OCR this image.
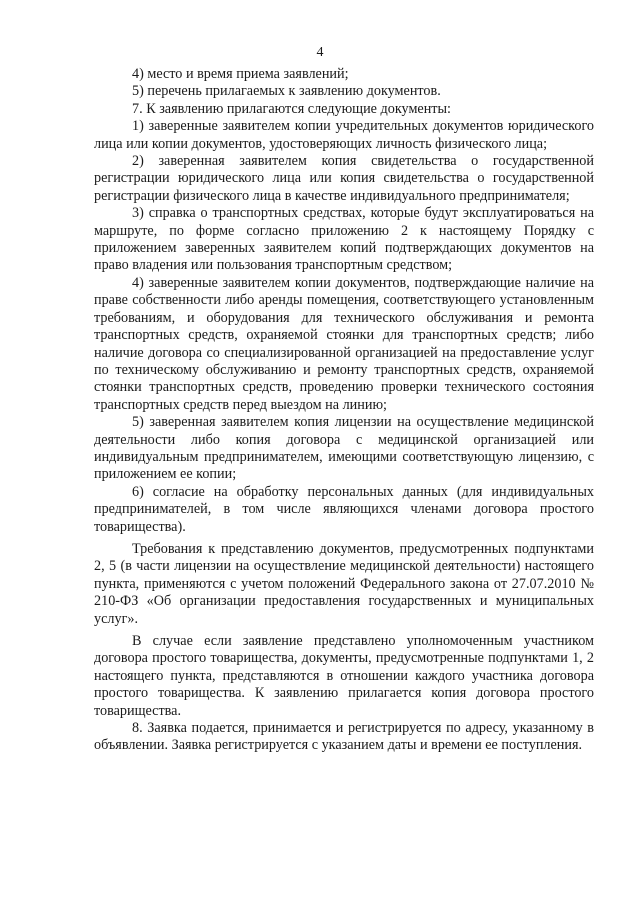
4

4) место и время приема заявлений;

5) перечень прилагаемых к заявлению документов.

7. К заявлению прилагаются следующие документы:

1) заверенные заявителем копии учредительных документов юридического лица или копии документов, удостоверяющих личность физического лица;

2) заверенная заявителем копия свидетельства о государственной регистрации юридического лица или копия свидетельства о государственной регистрации физического лица в качестве индивидуального предпринимателя;

3) справка о транспортных средствах, которые будут эксплуатироваться на маршруте, по форме согласно приложению 2 к настоящему Порядку с приложением заверенных заявителем копий подтверждающих документов на право владения или пользования транспортным средством;

4) заверенные заявителем копии документов, подтверждающие наличие на праве собственности либо аренды помещения, соответствующего установленным требованиям, и оборудования для технического обслуживания и ремонта транспортных средств, охраняемой стоянки для транспортных средств; либо наличие договора со специализированной организацией на предоставление услуг по техническому обслуживанию и ремонту транспортных средств, охраняемой стоянки транспортных средств, проведению проверки технического состояния транспортных средств перед выездом на линию;

5) заверенная заявителем копия лицензии на осуществление медицинской деятельности либо копия договора с медицинской организацией или индивидуальным предпринимателем, имеющими соответствующую лицензию, с приложением ее копии;

6) согласие на обработку персональных данных (для индивидуальных предпринимателей, в том числе являющихся членами договора простого товарищества).

Требования к представлению документов, предусмотренных подпунктами 2, 5 (в части лицензии на осуществление медицинской деятельности) настоящего пункта, применяются с учетом положений Федерального закона от 27.07.2010 № 210-ФЗ «Об организации предоставления государственных и муниципальных услуг».

В случае если заявление представлено уполномоченным участником договора простого товарищества, документы, предусмотренные подпунктами 1, 2 настоящего пункта, представляются в отношении каждого участника договора простого товарищества. К заявлению прилагается копия договора простого товарищества.

8. Заявка подается, принимается и регистрируется по адресу, указанному в объявлении. Заявка регистрируется с указанием даты и времени ее поступления.
